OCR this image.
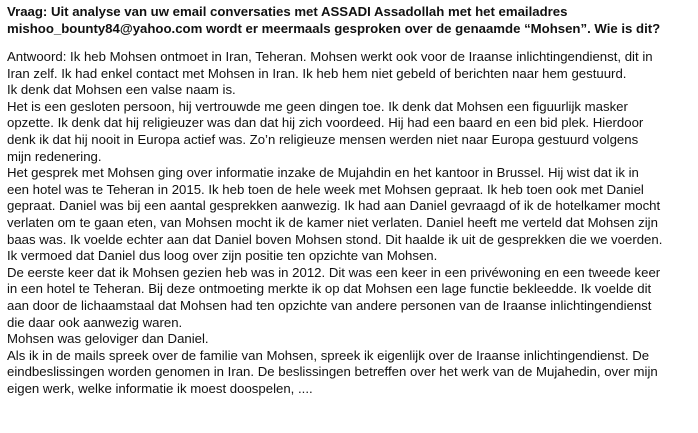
Vraag: Uit analyse van uw email conversaties met ASSADI Assadollah met het emailadres
mishoo_bounty84@yahoo.com wordt er meermaals gesproken over de genaamde “Mohsen”. Wie is dit?

Antwoord: Ik heb Mohsen ontmoet in Iran, Teheran. Mohsen werkt ook voor de Iraanse inlichtingendienst, dit in

Iran zelf. Ik had enkel contact met Mohsen in Iran. Ik heb hem niet gebeld of berichten naar hem gestuurd.

Ik denk dat Mohsen een valse naam is.

Het is een gesloten persoon, hij vertrouwde me geen dingen toe. Ik denk dat Mohsen een figuurlijk masker

opzette. Ik denk dat hij religieuzer was dan dat hij zich voordeed. Hij had een baard en een bid plek. Hierdoor

denk ik dat hij nooit in Europa actief was. Zo’n religieuze mensen werden niet naar Europa gestuurd volgens

mijn redenering.

Het gesprek met Mohsen ging over informatie inzake de Mujahdin en het kantoor in Brussel. Hij wist dat ik in

een hotel was te Teheran in 2015. Ik heb toen de hele week met Mohsen gepraat. Ik heb toen ook met Daniel

gepraat. Daniel was bij een aantal gesprekken aanwezig. Ik had aan Daniel gevraagd of ik de hotelkamer mocht

verlaten om te gaan eten, van Mohsen mocht ik de kamer niet verlaten. Daniel heeft me verteld dat Mohsen zijn

baas was. Ik voelde echter aan dat Daniel boven Mohsen stond. Dit haalde ik uit de gesprekken die we voerden.

Ik vermoed dat Daniel dus loog over zijn positie ten opzichte van Mohsen.

De eerste keer dat ik Mohsen gezien heb was in 2012. Dit was een keer in een privéwoning en een tweede keer

in een hotel te Teheran. Bij deze ontmoeting merkte ik op dat Mohsen een lage functie bekleedde. Ik voelde dit

aan door de lichaamstaal dat Mohsen had ten opzichte van andere personen van de Iraanse inlichtingendienst

die daar ook aanwezig waren.

Mohsen was geloviger dan Daniel.

Als ik in de mails spreek over de familie van Mohsen, spreek ik eigenlijk over de Iraanse inlichtingendienst. De

eindbeslissingen worden genomen in Iran. De beslissingen betreffen over het werk van de Mujahedin, over mijn

eigen werk, welke informatie ik moest doospelen, ....
